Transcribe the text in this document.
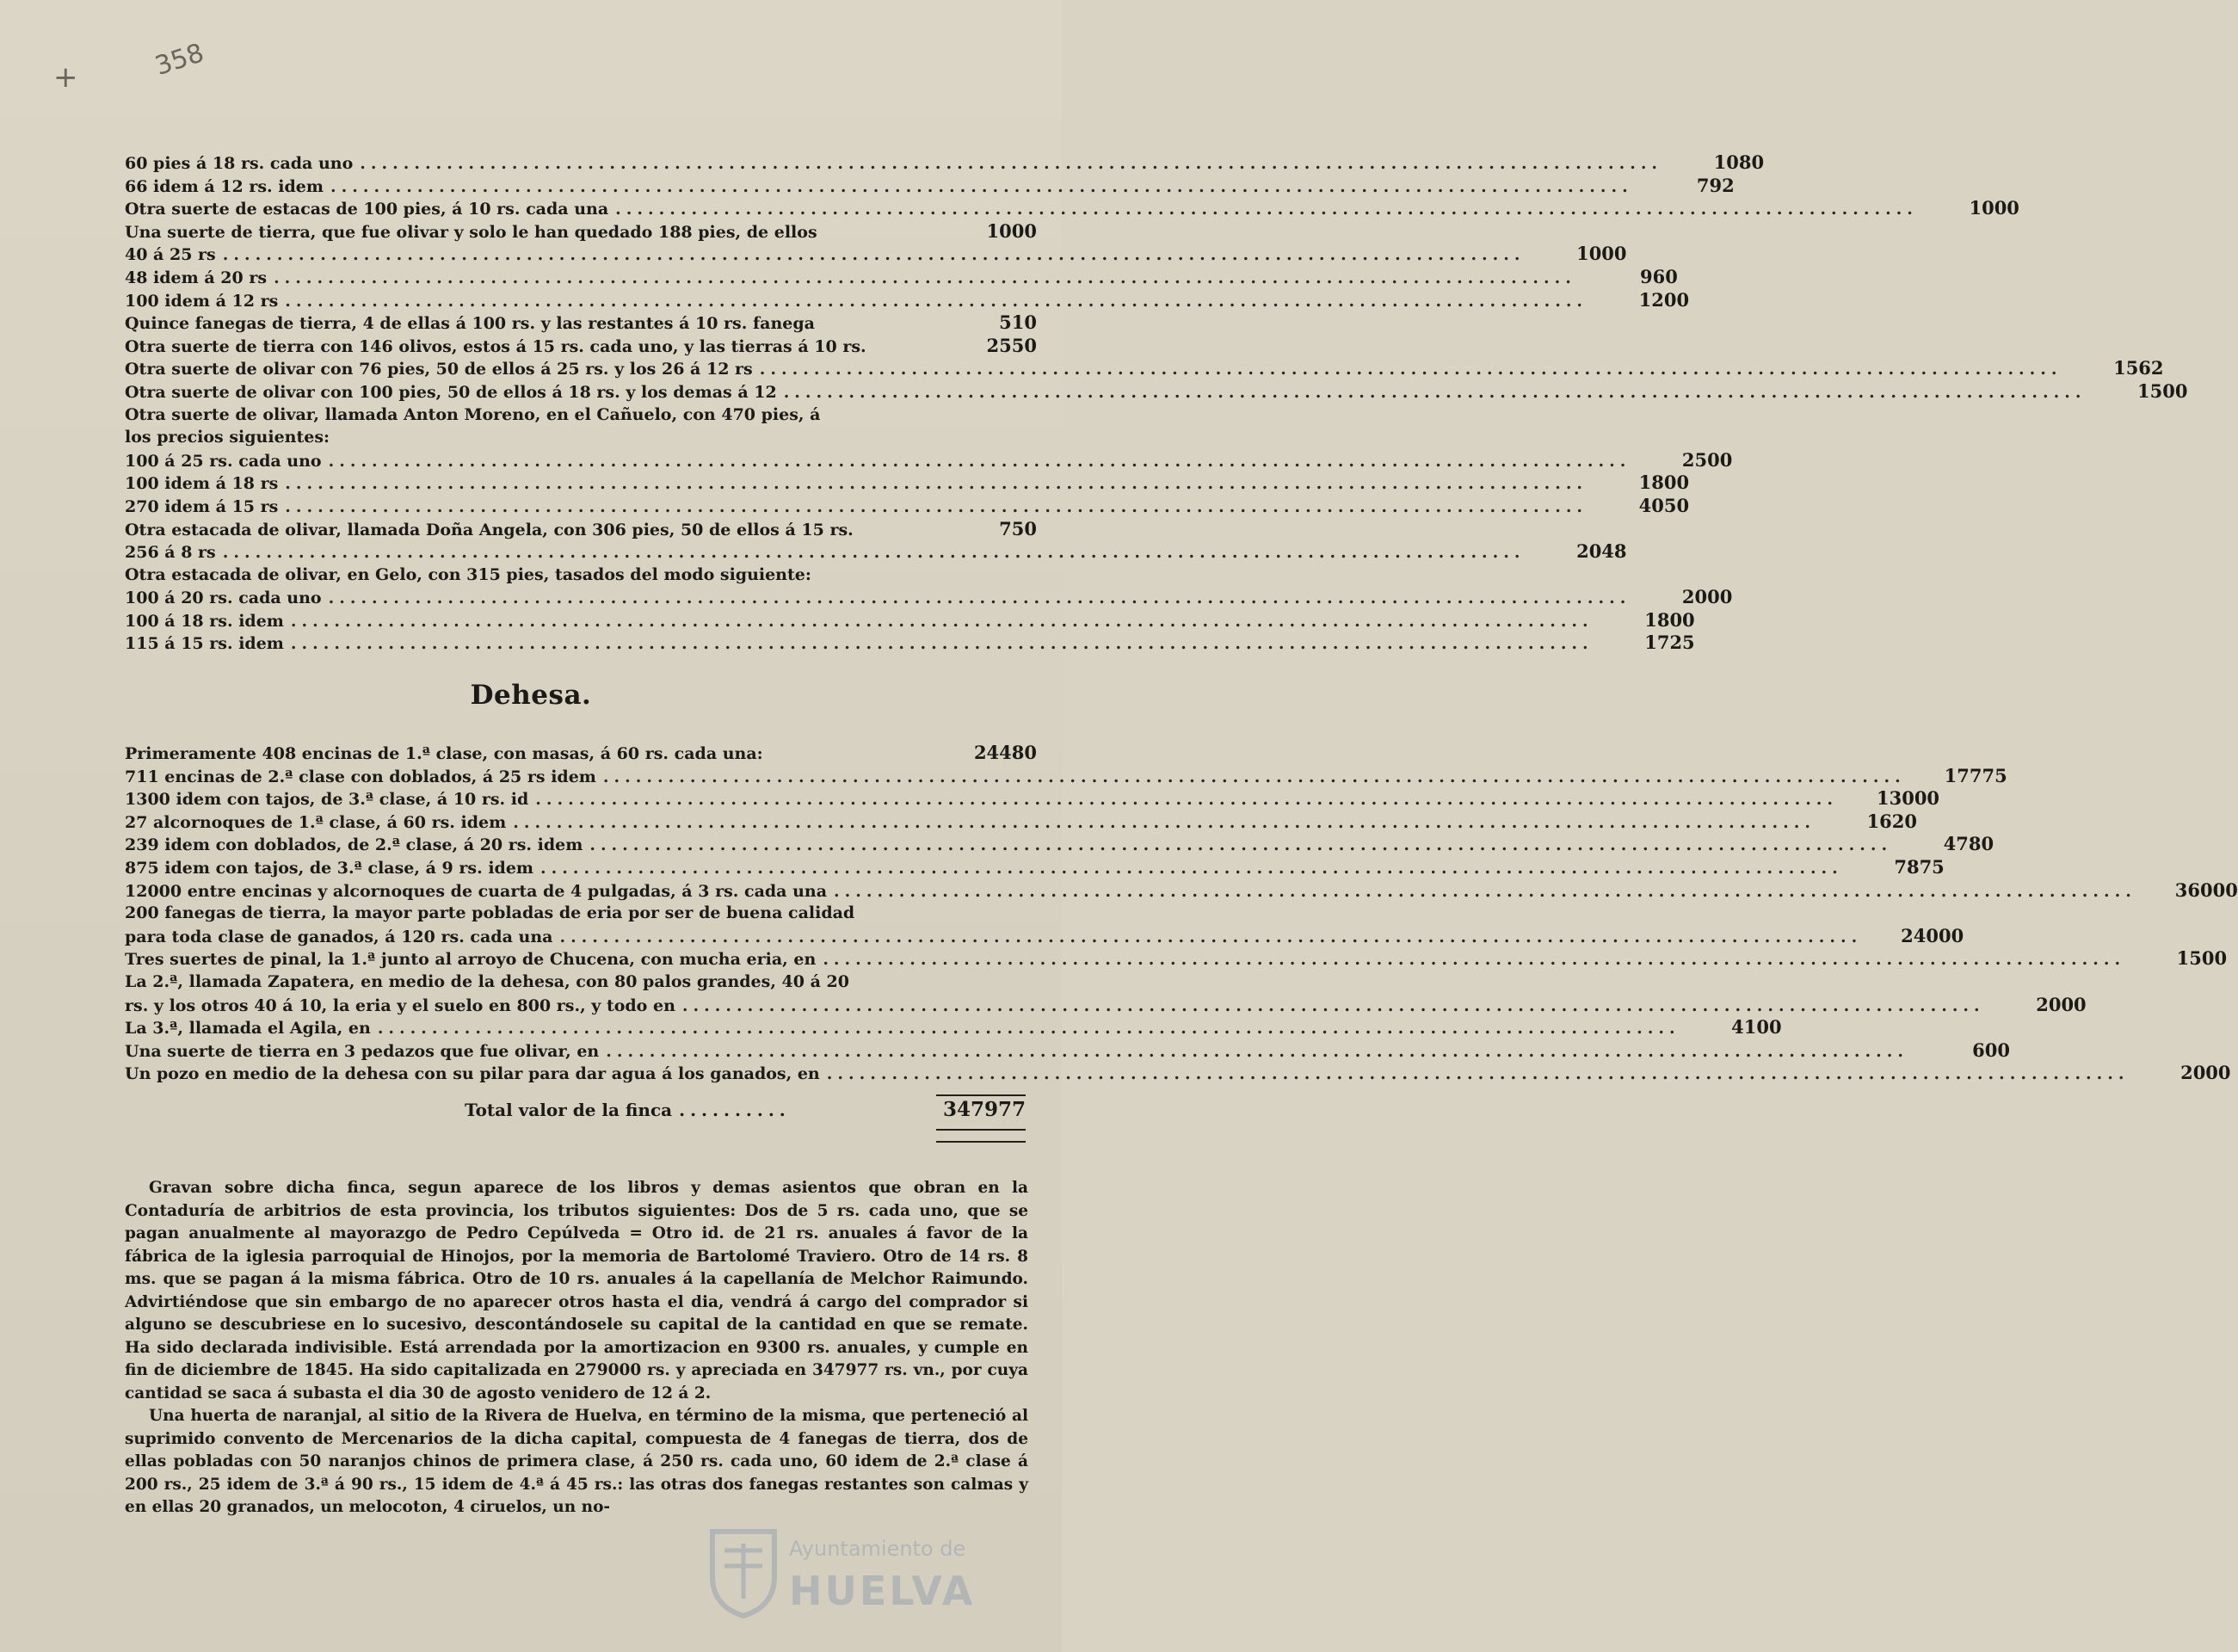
+	358
60 pies á 18 rs. cada uno ........................................................................................................................	1080
66 idem á 12 rs. idem ........................................................................................................................	792
Otra suerte de estacas de 100 pies, á 10 rs. cada una ........................................................................................................................	1000
Una suerte de tierra, que fue olivar y solo le han quedado 188 pies, de ellos	1000
40 á 25 rs ........................................................................................................................	1000
48 idem á 20 rs ........................................................................................................................	960
100 idem á 12 rs ........................................................................................................................	1200
Quince fanegas de tierra, 4 de ellas á 100 rs. y las restantes á 10 rs. fanega	510
Otra suerte de tierra con 146 olivos, estos á 15 rs. cada uno, y las tierras á 10 rs.	2550
Otra suerte de olivar con 76 pies, 50 de ellos á 25 rs. y los 26 á 12 rs ........................................................................................................................	1562
Otra suerte de olivar con 100 pies, 50 de ellos á 18 rs. y los demas á 12 ........................................................................................................................	1500
Otra suerte de olivar, llamada Anton Moreno, en el Cañuelo, con 470 pies, á
los precios siguientes:
100 á 25 rs. cada uno ........................................................................................................................	2500
100 idem á 18 rs ........................................................................................................................	1800
270 idem á 15 rs ........................................................................................................................	4050
Otra estacada de olivar, llamada Doña Angela, con 306 pies, 50 de ellos á 15 rs.	750
256 á 8 rs ........................................................................................................................	2048
Otra estacada de olivar, en Gelo, con 315 pies, tasados del modo siguiente:
100 á 20 rs. cada uno ........................................................................................................................	2000
100 á 18 rs. idem ........................................................................................................................	1800
115 á 15 rs. idem ........................................................................................................................	1725
Dehesa.
Primeramente 408 encinas de 1.ª clase, con masas, á 60 rs. cada una:	24480
711 encinas de 2.ª clase con doblados, á 25 rs idem ........................................................................................................................	17775
1300 idem con tajos, de 3.ª clase, á 10 rs. id ........................................................................................................................	13000
27 alcornoques de 1.ª clase, á 60 rs. idem ........................................................................................................................	1620
239 idem con doblados, de 2.ª clase, á 20 rs. idem ........................................................................................................................	4780
875 idem con tajos, de 3.ª clase, á 9 rs. idem ........................................................................................................................	7875
12000 entre encinas y alcornoques de cuarta de 4 pulgadas, á 3 rs. cada una ........................................................................................................................	36000
200 fanegas de tierra, la mayor parte pobladas de eria por ser de buena calidad
para toda clase de ganados, á 120 rs. cada una ........................................................................................................................	24000
Tres suertes de pinal, la 1.ª junto al arroyo de Chucena, con mucha eria, en ........................................................................................................................	1500
La 2.ª, llamada Zapatera, en medio de la dehesa, con 80 palos grandes, 40 á 20
rs. y los otros 40 á 10, la eria y el suelo en 800 rs., y todo en ........................................................................................................................	2000
La 3.ª, llamada el Agila, en ........................................................................................................................	4100
Una suerte de tierra en 3 pedazos que fue olivar, en ........................................................................................................................	600
Un pozo en medio de la dehesa con su pilar para dar agua á los ganados, en ........................................................................................................................	2000
Total valor de la finca ..........	347977

Gravan sobre dicha finca, segun aparece de los libros y demas asientos que obran en la Contaduría de arbitrios de esta provincia, los tributos siguientes: Dos de 5 rs. cada uno, que se pagan anualmente al mayorazgo de Pedro Cepúlveda = Otro id. de 21 rs. anuales á favor de la fábrica de la iglesia parroquial de Hinojos, por la memoria de Bartolomé Traviero. Otro de 14 rs. 8 ms. que se pagan á la misma fábrica. Otro de 10 rs. anuales á la capellanía de Melchor Raimundo. Advirtiéndose que sin embargo de no aparecer otros hasta el dia, vendrá á cargo del comprador si alguno se descubriese en lo sucesivo, descontándosele su capital de la cantidad en que se remate. Ha sido declarada indivisible. Está arrendada por la amortizacion en 9300 rs. anuales, y cumple en fin de diciembre de 1845. Ha sido capitalizada en 279000 rs. y apreciada en 347977 rs. vn., por cuya cantidad se saca á subasta el dia 30 de agosto venidero de 12 á 2.

Una huerta de naranjal, al sitio de la Rivera de Huelva, en término de la misma, que perteneció al suprimido convento de Mercenarios de la dicha capital, compuesta de 4 fanegas de tierra, dos de ellas pobladas con 50 naranjos chinos de primera clase, á 250 rs. cada uno, 60 idem de 2.ª clase á 200 rs., 25 idem de 3.ª á 90 rs., 15 idem de 4.ª á 45 rs.: las otras dos fanegas restantes son calmas y en ellas 20 granados, un melocoton, 4 ciruelos, un no-

Ayuntamiento de
HUELVA
